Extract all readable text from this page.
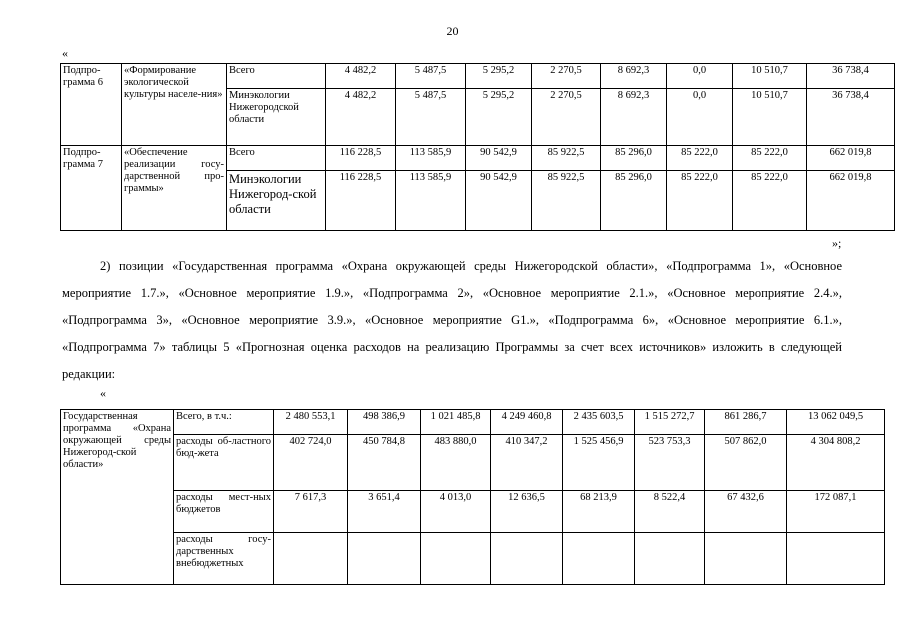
20
«
Подпро-грамма 6	«Формирование экологической культуры населе-ния»	Всего	4 482,2	5 487,5	5 295,2	2 270,5	8 692,3	0,0	10 510,7	36 738,4
		Минэкологии Нижегородской области	4 482,2	5 487,5	5 295,2	2 270,5	8 692,3	0,0	10 510,7	36 738,4
Подпро-грамма 7	«Обеспечение реализации госу-дарственной про-граммы»	Всего	116 228,5	113 585,9	90 542,9	85 922,5	85 296,0	85 222,0	85 222,0	662 019,8
		Минэкологии Нижегород-ской области	116 228,5	113 585,9	90 542,9	85 922,5	85 296,0	85 222,0	85 222,0	662 019,8
»;
2) позиции «Государственная программа «Охрана окружающей среды Нижегородской области», «Подпрограмма 1», «Основное мероприятие 1.7.», «Основное мероприятие 1.9.», «Подпрограмма 2», «Основное мероприятие 2.1.», «Основное мероприятие 2.4.», «Подпрограмма 3», «Основное мероприятие 3.9.», «Основное мероприятие G1.», «Подпрограмма 6», «Основное мероприятие 6.1.», «Подпрограмма 7» таблицы 5 «Прогнозная оценка расходов на реализацию Программы за счет всех источников» изложить в следующей редакции:
«
Государственная программа «Охрана окружающей среды Нижегород-ской области»	Всего, в т.ч.:	2 480 553,1	498 386,9	1 021 485,8	4 249 460,8	2 435 603,5	1 515 272,7	861 286,7	13 062 049,5
	расходы об-ластного бюд-жета	402 724,0	450 784,8	483 880,0	410 347,2	1 525 456,9	523 753,3	507 862,0	4 304 808,2
	расходы мест-ных бюджетов	7 617,3	3 651,4	4 013,0	12 636,5	68 213,9	8 522,4	67 432,6	172 087,1
	расходы госу-дарственных внебюджетных								
